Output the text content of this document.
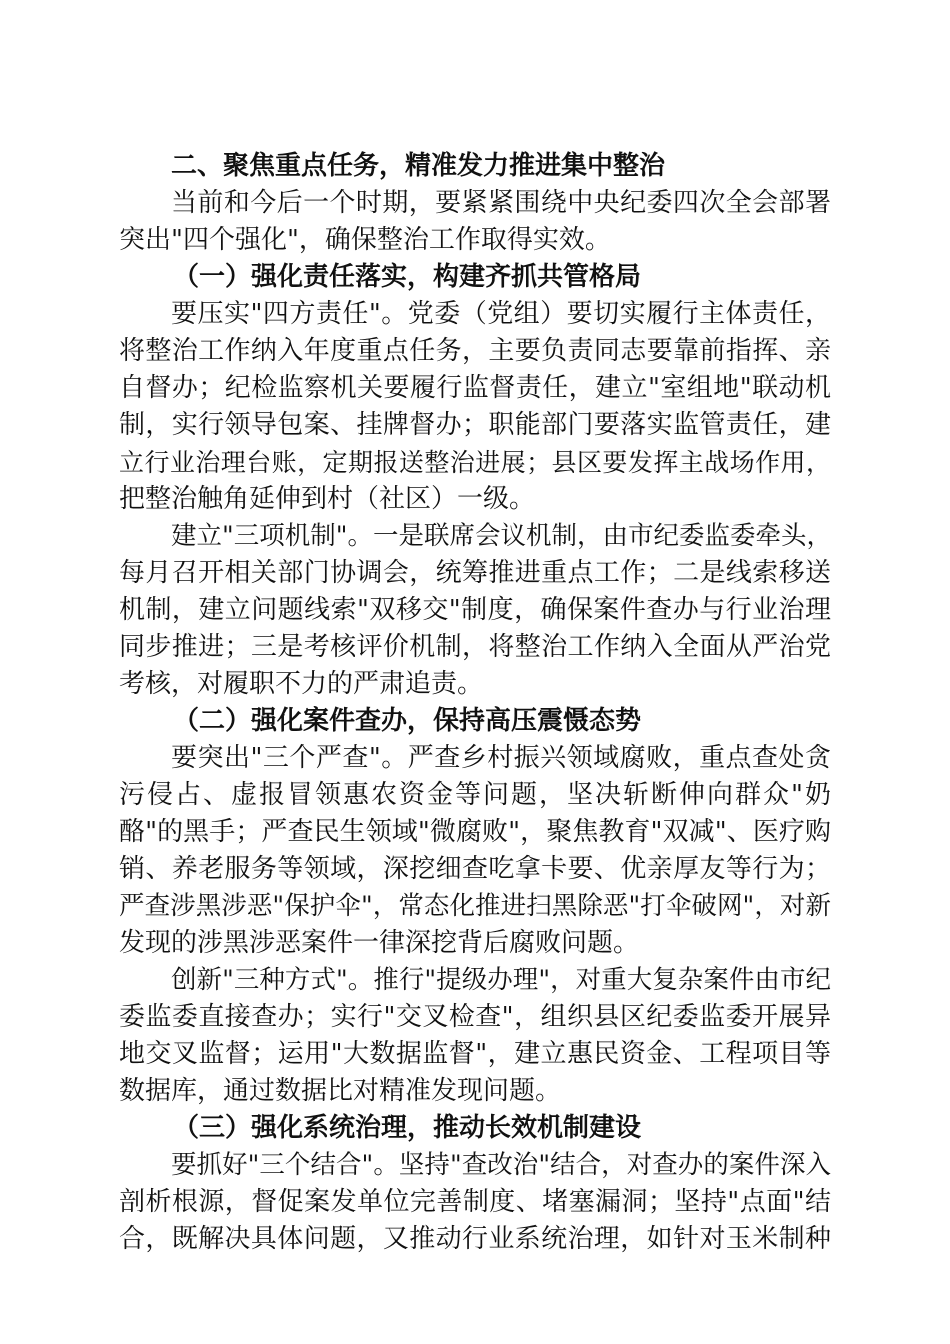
二、聚焦重点任务，精准发力推进集中整治
当前和今后一个时期，要紧紧围绕中央纪委四次全会部署
突出"四个强化"，确保整治工作取得实效。
（一）强化责任落实，构建齐抓共管格局
要压实"四方责任"。党委（党组）要切实履行主体责任，
将整治工作纳入年度重点任务，主要负责同志要靠前指挥、亲
自督办；纪检监察机关要履行监督责任，建立"室组地"联动机
制，实行领导包案、挂牌督办；职能部门要落实监管责任，建
立行业治理台账，定期报送整治进展；县区要发挥主战场作用，
把整治触角延伸到村（社区）一级。
建立"三项机制"。一是联席会议机制，由市纪委监委牵头，
每月召开相关部门协调会，统筹推进重点工作；二是线索移送
机制，建立问题线索"双移交"制度，确保案件查办与行业治理
同步推进；三是考核评价机制，将整治工作纳入全面从严治党
考核，对履职不力的严肃追责。
（二）强化案件查办，保持高压震慑态势
要突出"三个严查"。严查乡村振兴领域腐败，重点查处贪
污侵占、虚报冒领惠农资金等问题，坚决斩断伸向群众"奶
酪"的黑手；严查民生领域"微腐败"，聚焦教育"双减"、医疗购
销、养老服务等领域，深挖细查吃拿卡要、优亲厚友等行为；
严查涉黑涉恶"保护伞"，常态化推进扫黑除恶"打伞破网"，对新
发现的涉黑涉恶案件一律深挖背后腐败问题。
创新"三种方式"。推行"提级办理"，对重大复杂案件由市纪
委监委直接查办；实行"交叉检查"，组织县区纪委监委开展异
地交叉监督；运用"大数据监督"，建立惠民资金、工程项目等
数据库，通过数据比对精准发现问题。
（三）强化系统治理，推动长效机制建设
要抓好"三个结合"。坚持"查改治"结合，对查办的案件深入
剖析根源，督促案发单位完善制度、堵塞漏洞；坚持"点面"结
合，既解决具体问题，又推动行业系统治理，如针对玉米制种
